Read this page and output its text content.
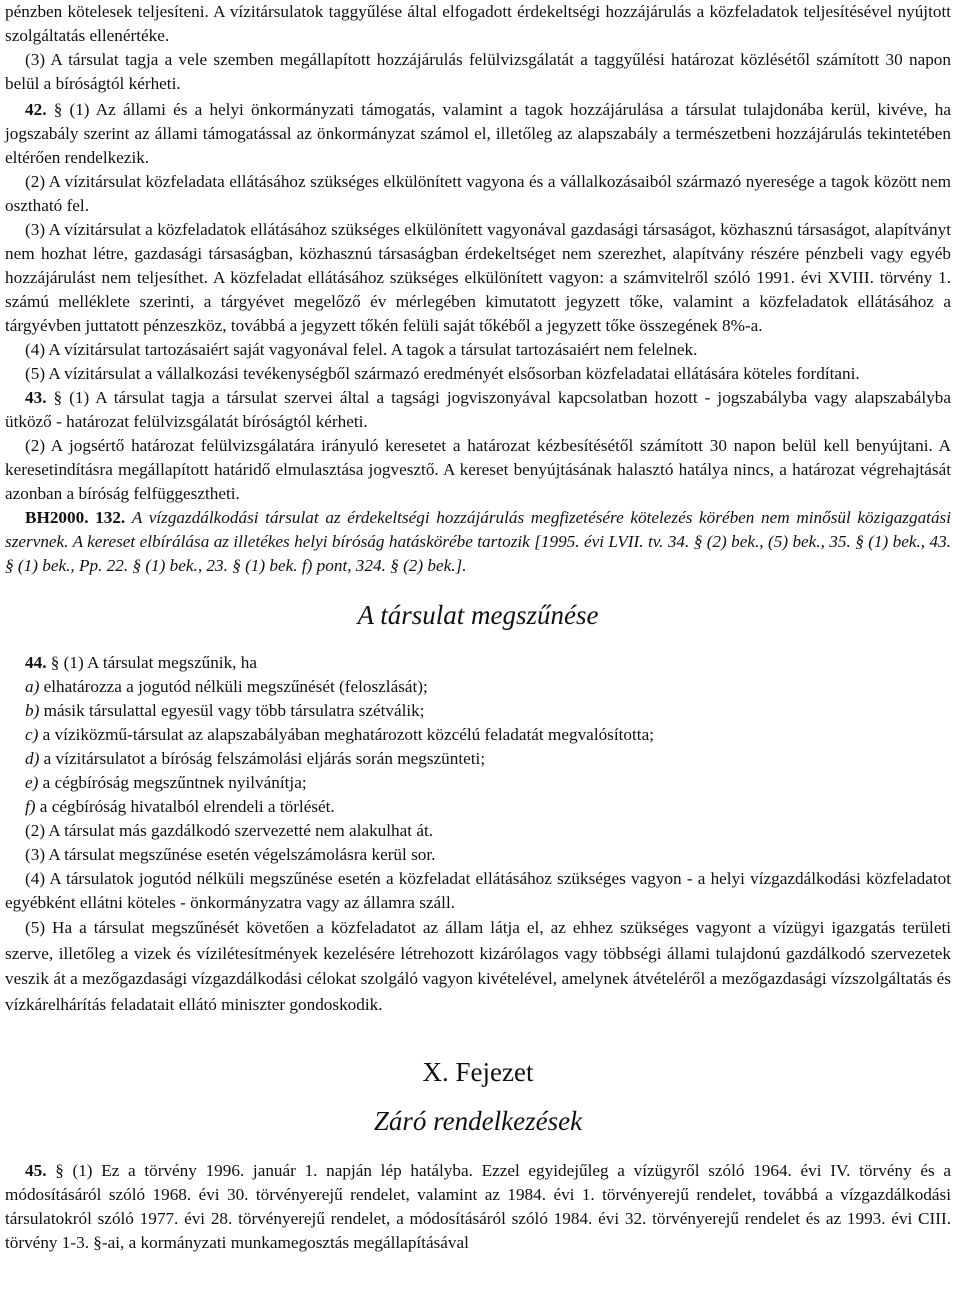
pénzben kötelesek teljesíteni. A vízitársulatok taggyűlése által elfogadott érdekeltségi hozzájárulás a közfeladatok teljesítésével nyújtott szolgáltatás ellenértéke.

(3) A társulat tagja a vele szemben megállapított hozzájárulás felülvizsgálatát a taggyűlési határozat közlésétől számított 30 napon belül a bíróságtól kérheti.

42. § (1) Az állami és a helyi önkormányzati támogatás, valamint a tagok hozzájárulása a társulat tulajdonába kerül, kivéve, ha jogszabály szerint az állami támogatással az önkormányzat számol el, illetőleg az alapszabály a természetbeni hozzájárulás tekintetében eltérően rendelkezik.

(2) A vízitársulat közfeladata ellátásához szükséges elkülönített vagyona és a vállalkozásaiból származó nyeresége a tagok között nem osztható fel.

(3) A vízitársulat a közfeladatok ellátásához szükséges elkülönített vagyonával gazdasági társaságot, közhasznú társaságot, alapítványt nem hozhat létre, gazdasági társaságban, közhasznú társaságban érdekeltséget nem szerezhet, alapítvány részére pénzbeli vagy egyéb hozzájárulást nem teljesíthet. A közfeladat ellátásához szükséges elkülönített vagyon: a számvitelről szóló 1991. évi XVIII. törvény 1. számú melléklete szerinti, a tárgyévet megelőző év mérlegében kimutatott jegyzett tőke, valamint a közfeladatok ellátásához a tárgyévben juttatott pénzeszköz, továbbá a jegyzett tőkén felüli saját tőkéből a jegyzett tőke összegének 8%-a.

(4) A vízitársulat tartozásaiért saját vagyonával felel. A tagok a társulat tartozásaiért nem felelnek.

(5) A vízitársulat a vállalkozási tevékenységből származó eredményét elsősorban közfeladatai ellátására köteles fordítani.

43. § (1) A társulat tagja a társulat szervei által a tagsági jogviszonyával kapcsolatban hozott - jogszabályba vagy alapszabályba ütköző - határozat felülvizsgálatát bíróságtól kérheti.

(2) A jogsértő határozat felülvizsgálatára irányuló keresetet a határozat kézbesítésétől számított 30 napon belül kell benyújtani. A keresetindításra megállapított határidő elmulasztása jogvesztő. A kereset benyújtásának halasztó hatálya nincs, a határozat végrehajtását azonban a bíróság felfüggesztheti.

BH2000. 132. A vízgazdálkodási társulat az érdekeltségi hozzájárulás megfizetésére kötelezés körében nem minősül közigazgatási szervnek. A kereset elbírálása az illetékes helyi bíróság hatáskörébe tartozik [1995. évi LVII. tv. 34. § (2) bek., (5) bek., 35. § (1) bek., 43. § (1) bek., Pp. 22. § (1) bek., 23. § (1) bek. f) pont, 324. § (2) bek.].

A társulat megszűnése

44. § (1) A társulat megszűnik, ha

a) elhatározza a jogutód nélküli megszűnését (feloszlását);

b) másik társulattal egyesül vagy több társulatra szétválik;

c) a víziközmű-társulat az alapszabályában meghatározott közcélú feladatát megvalósította;

d) a vízitársulatot a bíróság felszámolási eljárás során megszünteti;

e) a cégbíróság megszűntnek nyilvánítja;

f) a cégbíróság hivatalból elrendeli a törlését.

(2) A társulat más gazdálkodó szervezetté nem alakulhat át.

(3) A társulat megszűnése esetén végelszámolásra kerül sor.

(4) A társulatok jogutód nélküli megszűnése esetén a közfeladat ellátásához szükséges vagyon - a helyi vízgazdálkodási közfeladatot egyébként ellátni köteles - önkormányzatra vagy az államra száll.

(5) Ha a társulat megszűnését követően a közfeladatot az állam látja el, az ehhez szükséges vagyont a vízügyi igazgatás területi szerve, illetőleg a vizek és vízilétesítmények kezelésére létrehozott kizárólagos vagy többségi állami tulajdonú gazdálkodó szervezetek veszik át a mezőgazdasági vízgazdálkodási célokat szolgáló vagyon kivételével, amelynek átvételéről a mezőgazdasági vízszolgáltatás és vízkárelhárítás feladatait ellátó miniszter gondoskodik.

X. Fejezet
Záró rendelkezések

45. § (1) Ez a törvény 1996. január 1. napján lép hatályba. Ezzel egyidejűleg a vízügyről szóló 1964. évi IV. törvény és a módosításáról szóló 1968. évi 30. törvényerejű rendelet, valamint az 1984. évi 1. törvényerejű rendelet, továbbá a vízgazdálkodási társulatokról szóló 1977. évi 28. törvényerejű rendelet, a módosításáról szóló 1984. évi 32. törvényerejű rendelet és az 1993. évi CIII. törvény 1-3. §-ai, a kormányzati munkamegosztás megállapításával
